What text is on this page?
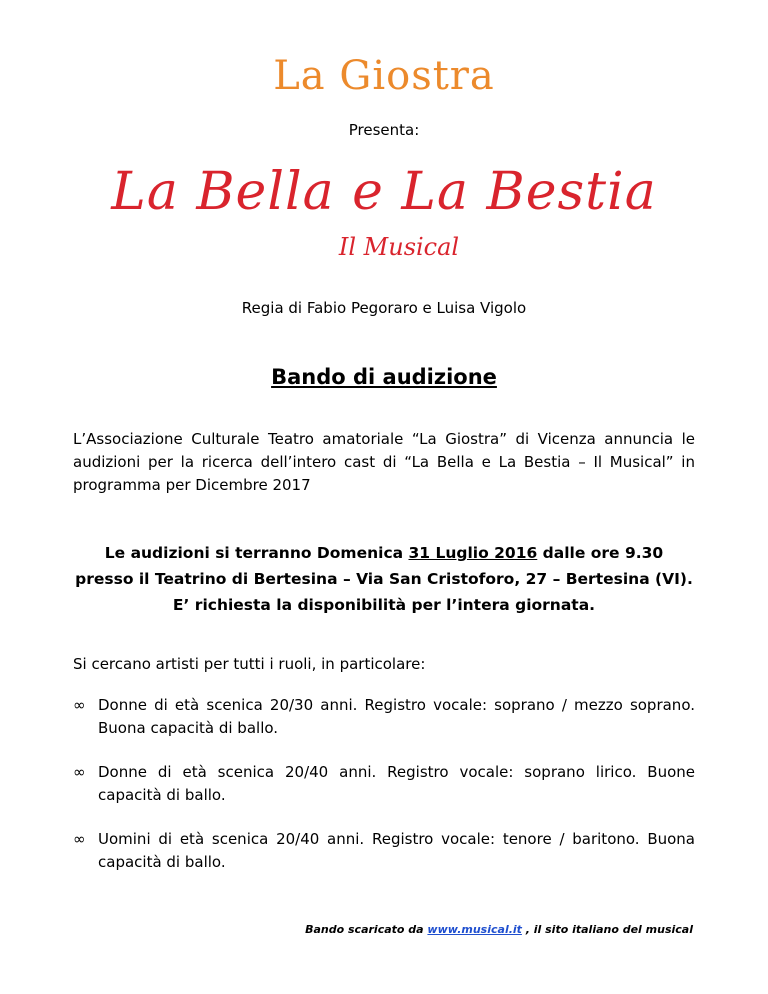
La Giostra
Presenta:
La Bella e La Bestia
Il Musical
Regia di Fabio Pegoraro e Luisa Vigolo
Bando di audizione
L’Associazione Culturale Teatro amatoriale “La Giostra” di Vicenza annuncia le audizioni per la ricerca dell’intero cast di “La Bella e La Bestia – Il Musical” in programma per Dicembre 2017
Le audizioni si terranno Domenica 31 Luglio 2016 dalle ore 9.30 presso il Teatrino di Bertesina – Via San Cristoforo, 27 – Bertesina (VI). E’ richiesta la disponibilità per l’intera giornata.
Si cercano artisti per tutti i ruoli, in particolare:
∞ Donne di età scenica 20/30 anni. Registro vocale: soprano / mezzo soprano. Buona capacità di ballo.
∞ Donne di età scenica 20/40 anni. Registro vocale: soprano lirico. Buone capacità di ballo.
∞ Uomini di età scenica 20/40 anni. Registro vocale: tenore / baritono. Buona capacità di ballo.
Bando scaricato da www.musical.it , il sito italiano del musical
